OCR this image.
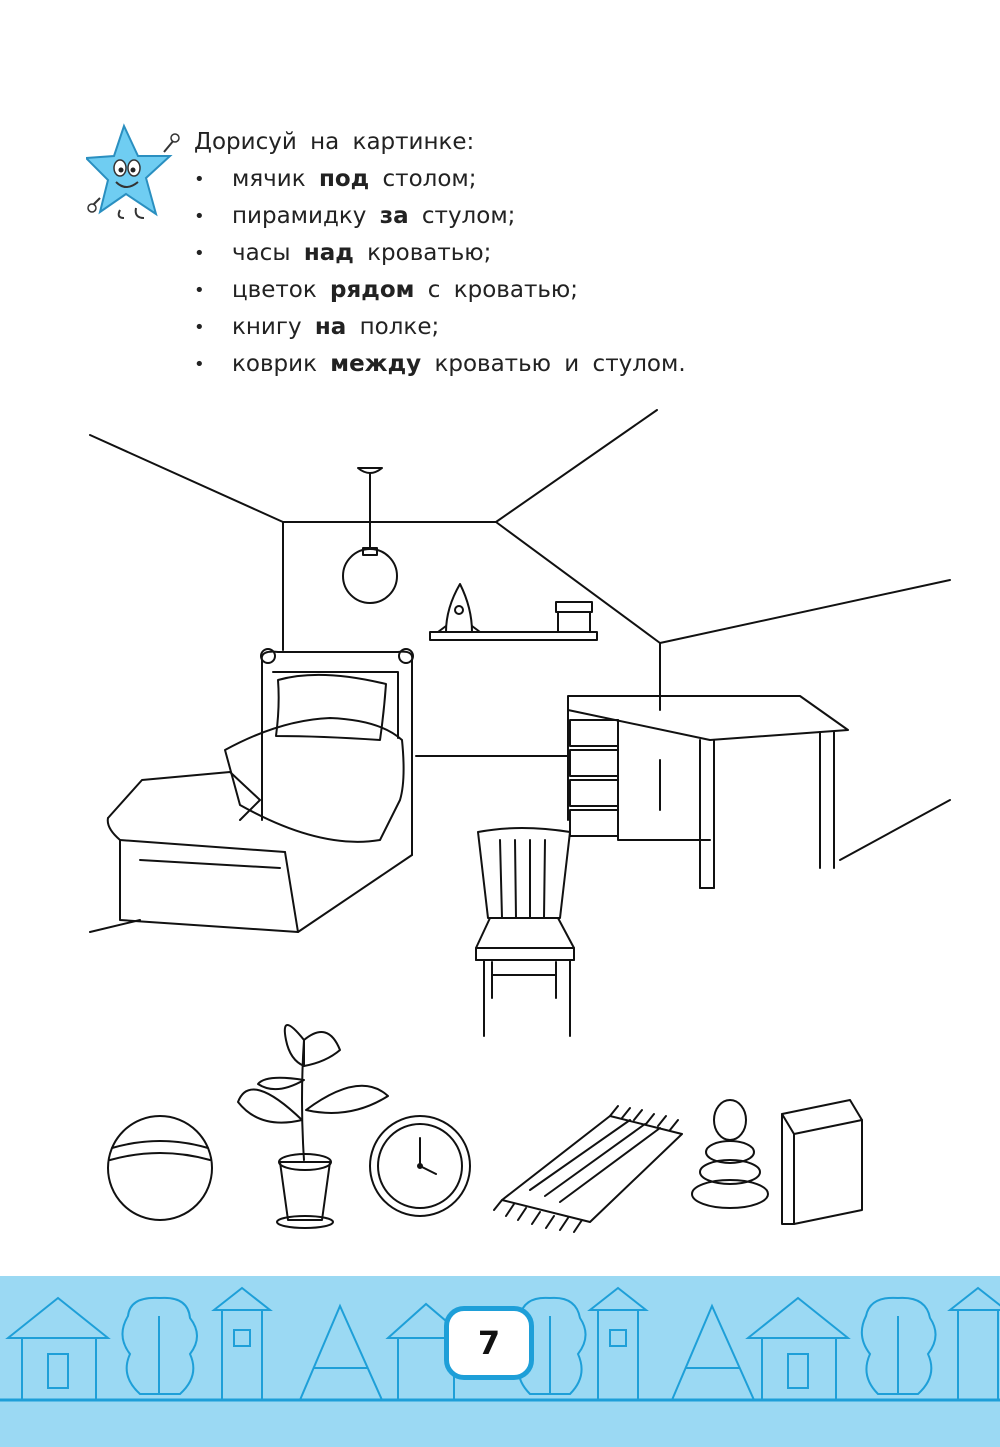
Дорисуй на картинке:

• мячик под столом;
• пирамидку за стулом;
• часы над кроватью;
• цветок рядом с кроватью;
• книгу на полке;
• коврик между кроватью и стулом.
7
